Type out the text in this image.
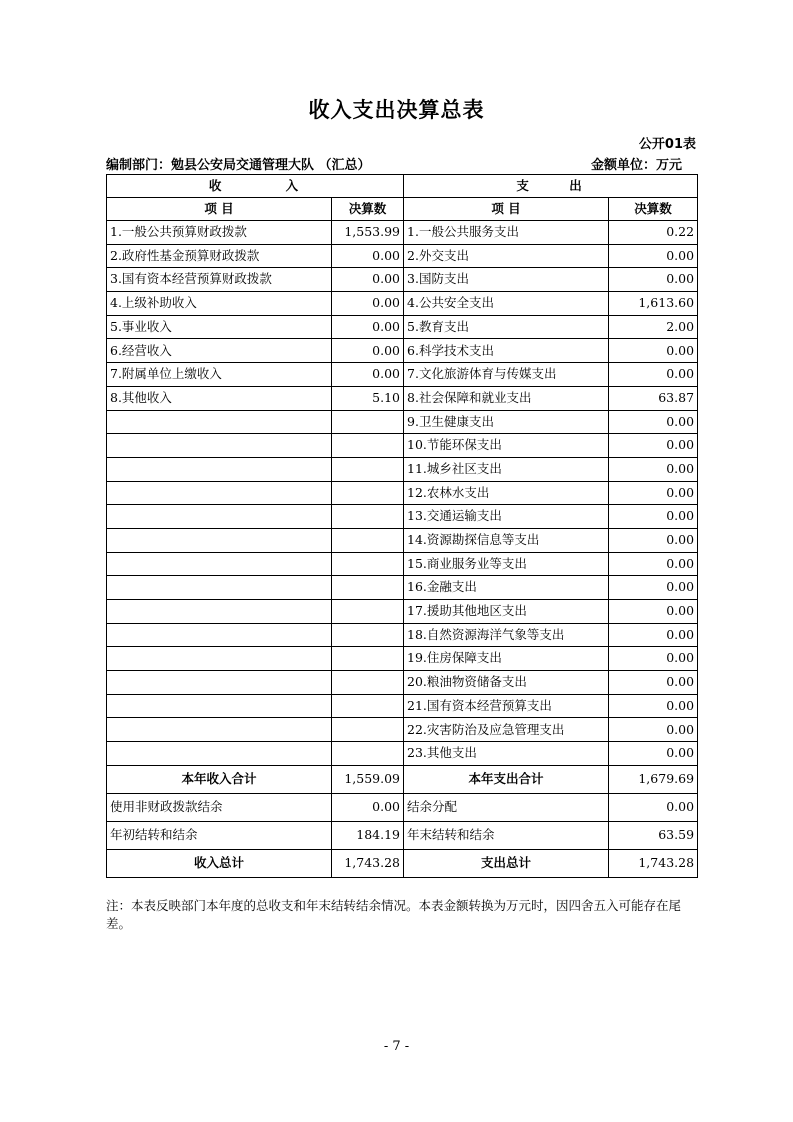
收入支出决算总表
公开01表
编制部门：勉县公安局交通管理大队 （汇总）	金额单位：万元
收 入		支 出	
项 目	决算数	项 目	决算数
1.一般公共预算财政拨款	1,553.99	1.一般公共服务支出	0.22
2.政府性基金预算财政拨款	0.00	2.外交支出	0.00
3.国有资本经营预算财政拨款	0.00	3.国防支出	0.00
4.上级补助收入	0.00	4.公共安全支出	1,613.60
5.事业收入	0.00	5.教育支出	2.00
6.经营收入	0.00	6.科学技术支出	0.00
7.附属单位上缴收入	0.00	7.文化旅游体育与传媒支出	0.00
8.其他收入	5.10	8.社会保障和就业支出	63.87
		9.卫生健康支出	0.00
		10.节能环保支出	0.00
		11.城乡社区支出	0.00
		12.农林水支出	0.00
		13.交通运输支出	0.00
		14.资源勘探信息等支出	0.00
		15.商业服务业等支出	0.00
		16.金融支出	0.00
		17.援助其他地区支出	0.00
		18.自然资源海洋气象等支出	0.00
		19.住房保障支出	0.00
		20.粮油物资储备支出	0.00
		21.国有资本经营预算支出	0.00
		22.灾害防治及应急管理支出	0.00
		23.其他支出	0.00
本年收入合计	1,559.09	本年支出合计	1,679.69
使用非财政拨款结余	0.00	结余分配	0.00
年初结转和结余	184.19	年末结转和结余	63.59
收入总计	1,743.28	支出总计	1,743.28
注：本表反映部门本年度的总收支和年末结转结余情况。本表金额转换为万元时，因四舍五入可能存在尾差。
- 7 -
